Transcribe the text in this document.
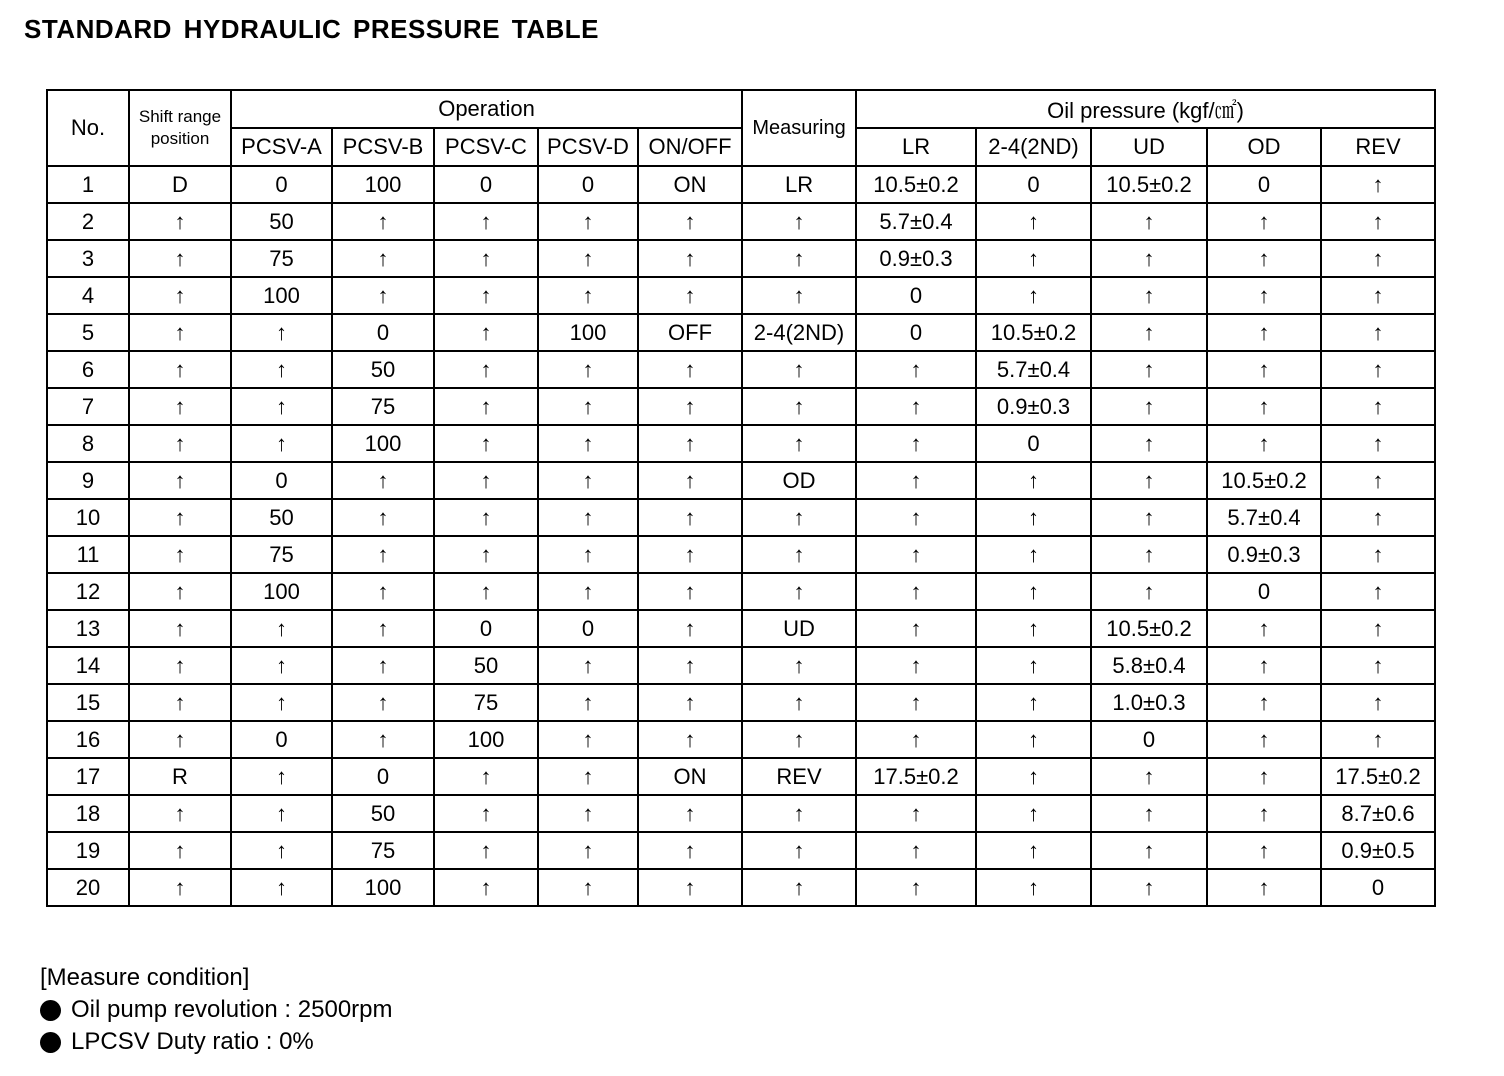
STANDARD HYDRAULIC PRESSURE TABLE
No.	Shift range position	Operation					Measuring	Oil pressure (kgf/㎠)				
		PCSV-A	PCSV-B	PCSV-C	PCSV-D	ON/OFF		LR	2-4(2ND)	UD	OD	REV
1	D	0	100	0	0	ON	LR	10.5±0.2	0	10.5±0.2	0	↑
2	↑	50	↑	↑	↑	↑	↑	5.7±0.4	↑	↑	↑	↑
3	↑	75	↑	↑	↑	↑	↑	0.9±0.3	↑	↑	↑	↑
4	↑	100	↑	↑	↑	↑	↑	0	↑	↑	↑	↑
5	↑	↑	0	↑	100	OFF	2-4(2ND)	0	10.5±0.2	↑	↑	↑
6	↑	↑	50	↑	↑	↑	↑	↑	5.7±0.4	↑	↑	↑
7	↑	↑	75	↑	↑	↑	↑	↑	0.9±0.3	↑	↑	↑
8	↑	↑	100	↑	↑	↑	↑	↑	0	↑	↑	↑
9	↑	0	↑	↑	↑	↑	OD	↑	↑	↑	10.5±0.2	↑
10	↑	50	↑	↑	↑	↑	↑	↑	↑	↑	5.7±0.4	↑
11	↑	75	↑	↑	↑	↑	↑	↑	↑	↑	0.9±0.3	↑
12	↑	100	↑	↑	↑	↑	↑	↑	↑	↑	0	↑
13	↑	↑	↑	0	0	↑	UD	↑	↑	10.5±0.2	↑	↑
14	↑	↑	↑	50	↑	↑	↑	↑	↑	5.8±0.4	↑	↑
15	↑	↑	↑	75	↑	↑	↑	↑	↑	1.0±0.3	↑	↑
16	↑	0	↑	100	↑	↑	↑	↑	↑	0	↑	↑
17	R	↑	0	↑	↑	ON	REV	17.5±0.2	↑	↑	↑	17.5±0.2
18	↑	↑	50	↑	↑	↑	↑	↑	↑	↑	↑	8.7±0.6
19	↑	↑	75	↑	↑	↑	↑	↑	↑	↑	↑	0.9±0.5
20	↑	↑	100	↑	↑	↑	↑	↑	↑	↑	↑	0
[Measure condition]
Oil pump revolution : 2500rpm
LPCSV Duty ratio : 0%
